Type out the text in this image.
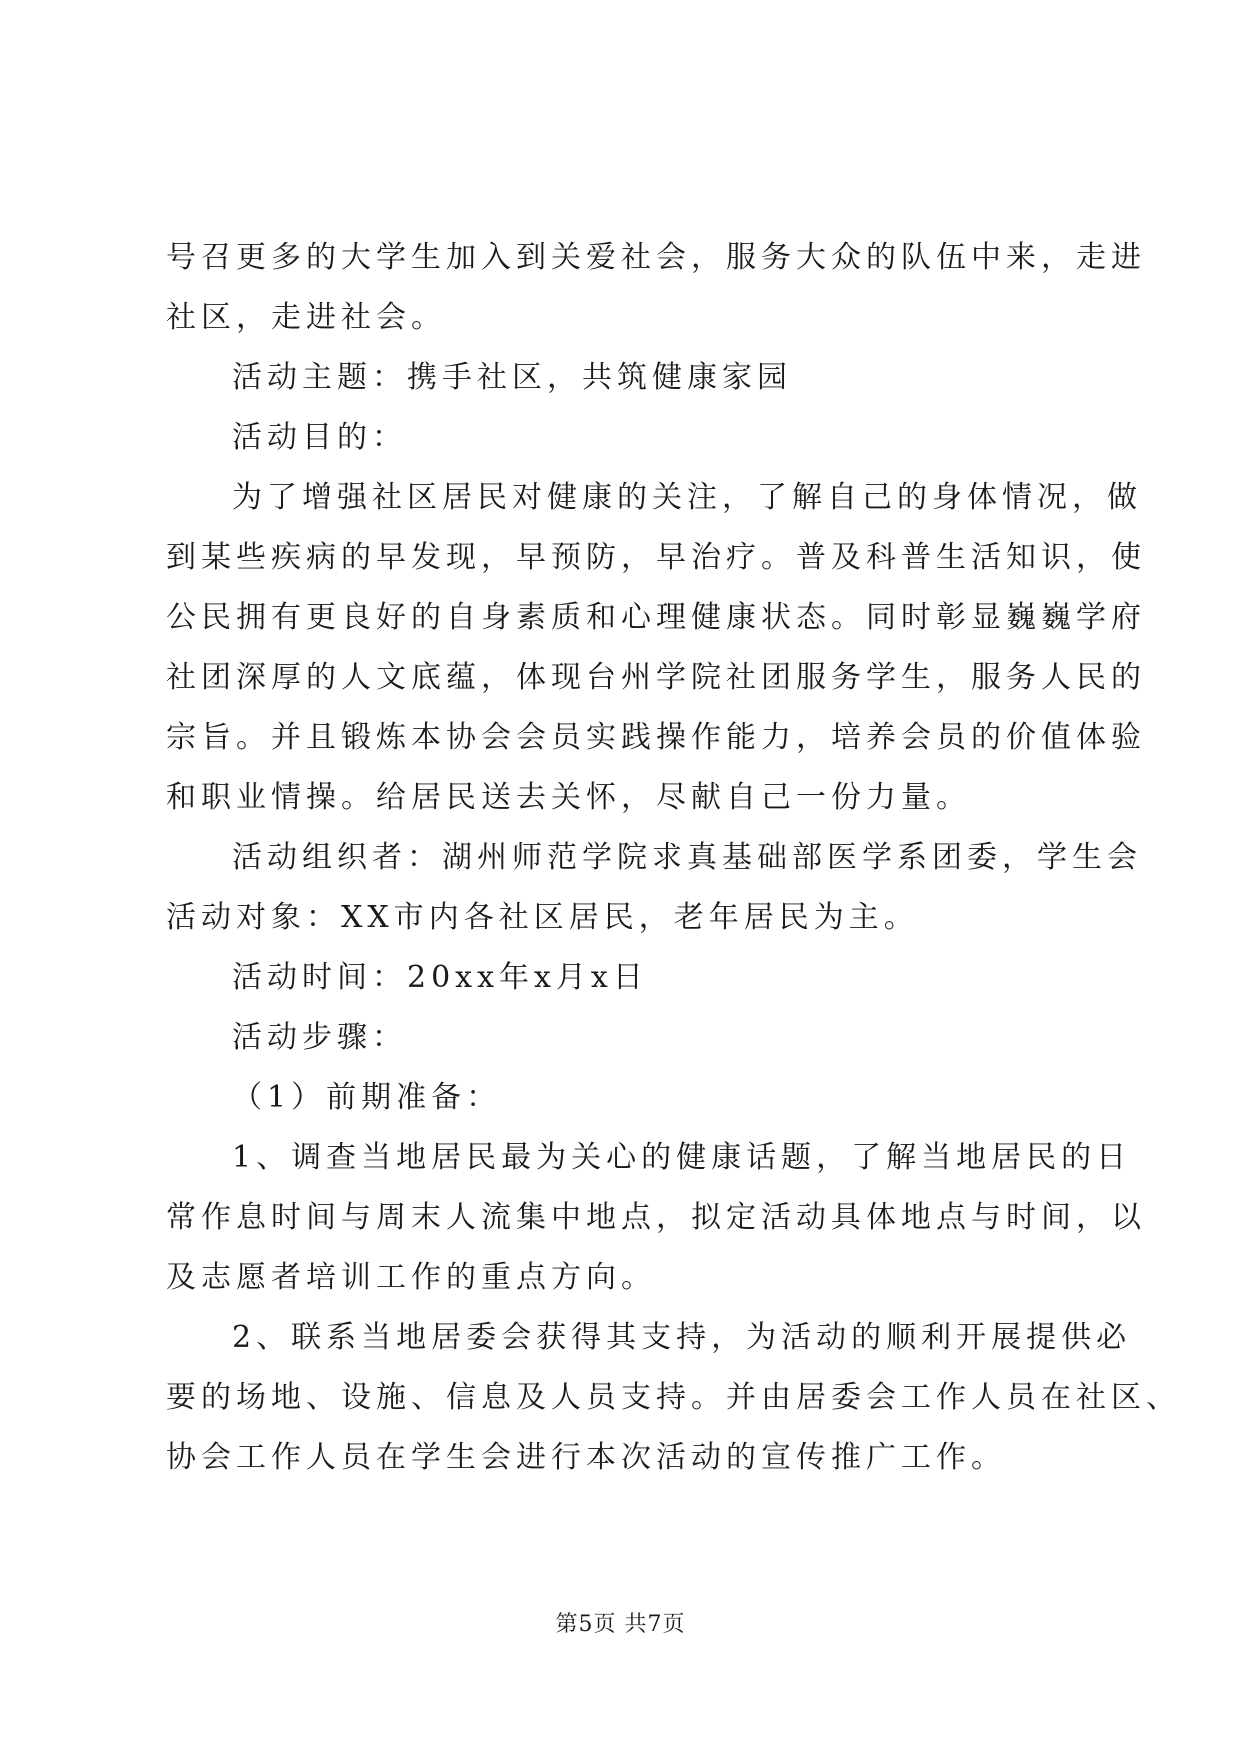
号召更多的大学生加入到关爱社会，服务大众的队伍中来，走进
社区，走进社会。
活动主题：携手社区，共筑健康家园
活动目的：
为了增强社区居民对健康的关注，了解自己的身体情况，做
到某些疾病的早发现，早预防，早治疗。普及科普生活知识，使
公民拥有更良好的自身素质和心理健康状态。同时彰显巍巍学府
社团深厚的人文底蕴，体现台州学院社团服务学生，服务人民的
宗旨。并且锻炼本协会会员实践操作能力，培养会员的价值体验
和职业情操。给居民送去关怀，尽献自己一份力量。
活动组织者：湖州师范学院求真基础部医学系团委，学生会
活动对象：XX市内各社区居民，老年居民为主。
活动时间：20xx年x月x日
活动步骤：
（1）前期准备：
1、调查当地居民最为关心的健康话题，了解当地居民的日
常作息时间与周末人流集中地点，拟定活动具体地点与时间，以
及志愿者培训工作的重点方向。
2、联系当地居委会获得其支持，为活动的顺利开展提供必
要的场地、设施、信息及人员支持。并由居委会工作人员在社区、
协会工作人员在学生会进行本次活动的宣传推广工作。
第5页 共7页
